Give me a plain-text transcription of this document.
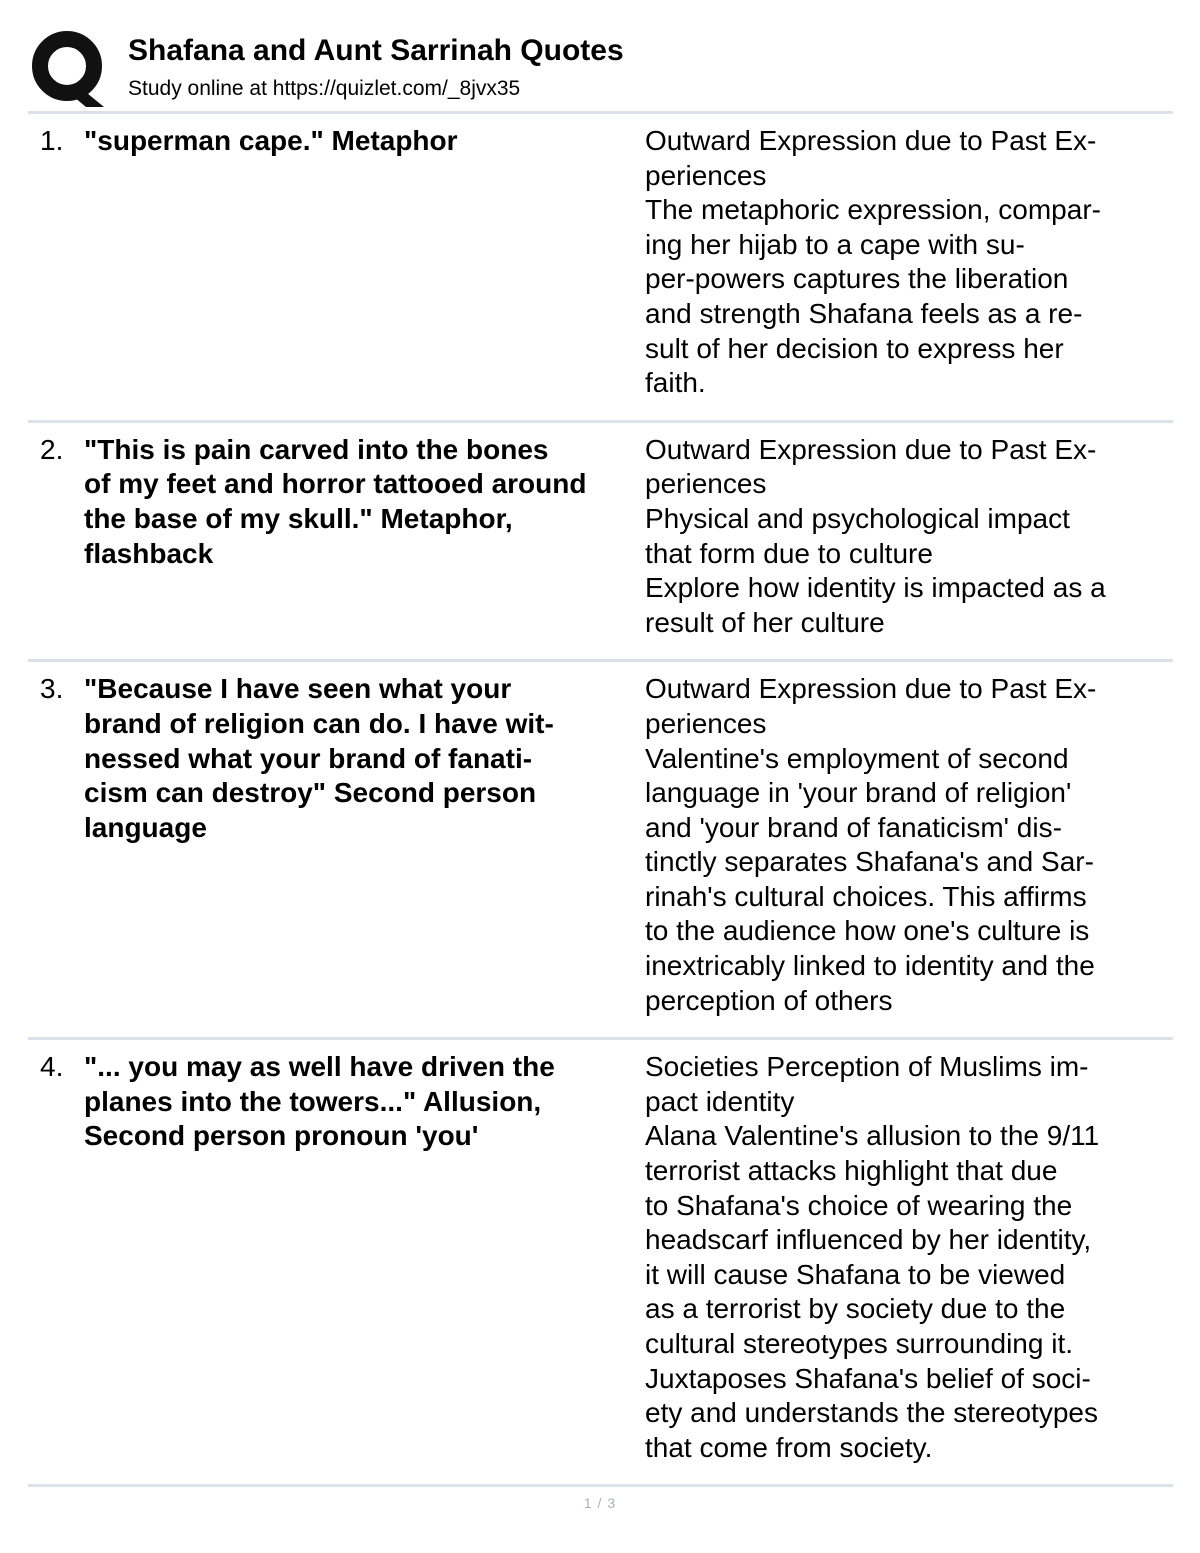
Shafana and Aunt Sarrinah Quotes
Study online at https://quizlet.com/_8jvx35
1. "superman cape." Metaphor	Outward Expression due to Past Ex-
periences
The metaphoric expression, compar-
ing her hijab to a cape with su-
per-powers captures the liberation
and strength Shafana feels as a re-
sult of her decision to express her
faith.
2. "This is pain carved into the bones
of my feet and horror tattooed around
the base of my skull." Metaphor,
flashback
Outward Expression due to Past Ex-
periences
Physical and psychological impact
that form due to culture
Explore how identity is impacted as a
result of her culture
3. "Because I have seen what your
brand of religion can do. I have wit-
nessed what your brand of fanati-
cism can destroy" Second person
language
Outward Expression due to Past Ex-
periences
Valentine's employment of second
language in 'your brand of religion'
and 'your brand of fanaticism' dis-
tinctly separates Shafana's and Sar-
rinah's cultural choices. This affirms
to the audience how one's culture is
inextricably linked to identity and the
perception of others
4. "... you may as well have driven the
planes into the towers..." Allusion,
Second person pronoun 'you'
Societies Perception of Muslims im-
pact identity
Alana Valentine's allusion to the 9/11
terrorist attacks highlight that due
to Shafana's choice of wearing the
headscarf influenced by her identity,
it will cause Shafana to be viewed
as a terrorist by society due to the
cultural stereotypes surrounding it.
Juxtaposes Shafana's belief of soci-
ety and understands the stereotypes
that come from society.
1 / 3
